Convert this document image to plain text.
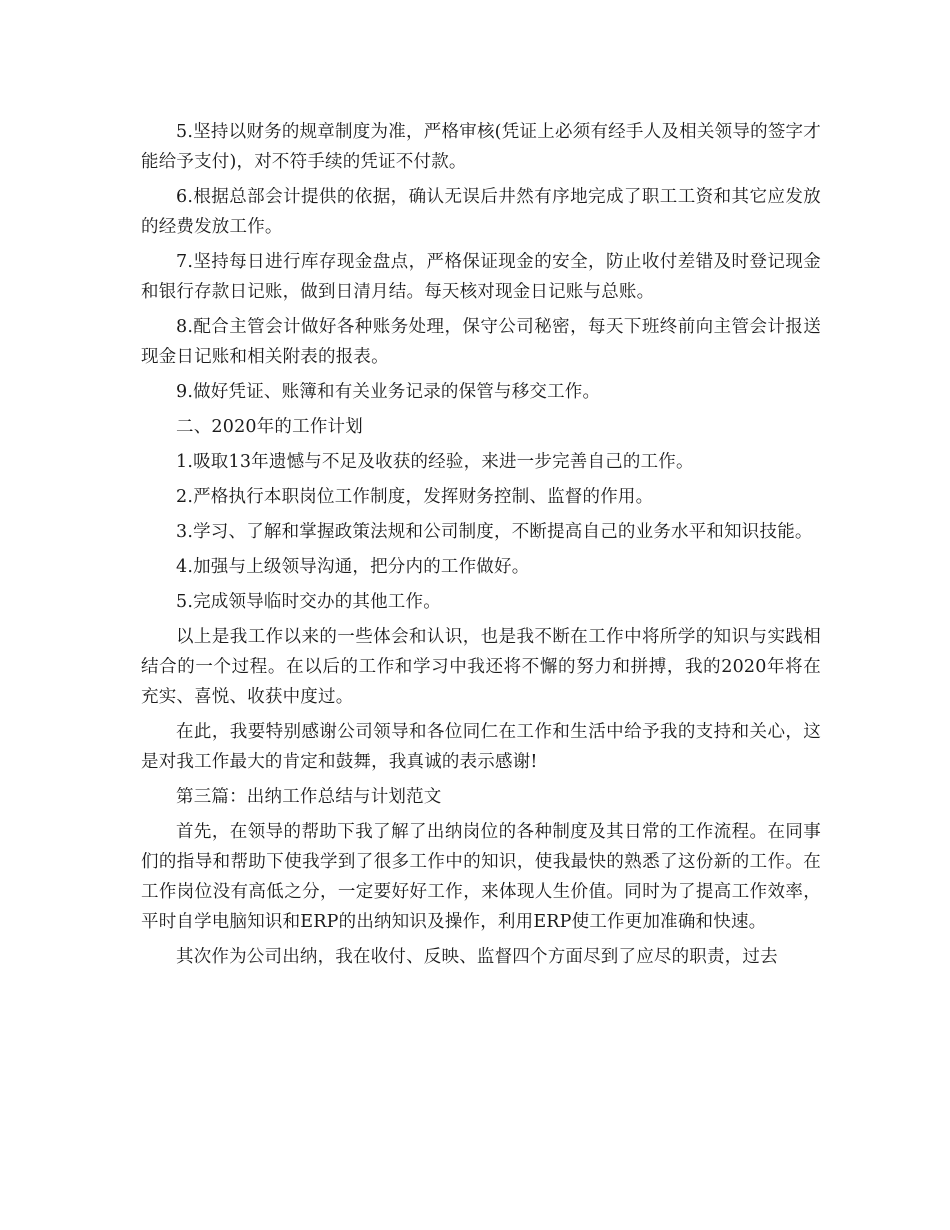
5.坚持以财务的规章制度为准，严格审核(凭证上必须有经手人及相关领导的签字才能给予支付)，对不符手续的凭证不付款。

6.根据总部会计提供的依据，确认无误后井然有序地完成了职工工资和其它应发放的经费发放工作。

7.坚持每日进行库存现金盘点，严格保证现金的安全，防止收付差错及时登记现金和银行存款日记账，做到日清月结。每天核对现金日记账与总账。

8.配合主管会计做好各种账务处理，保守公司秘密，每天下班终前向主管会计报送现金日记账和相关附表的报表。

9.做好凭证、账簿和有关业务记录的保管与移交工作。

二、2020年的工作计划

1.吸取13年遗憾与不足及收获的经验，来进一步完善自己的工作。

2.严格执行本职岗位工作制度，发挥财务控制、监督的作用。

3.学习、了解和掌握政策法规和公司制度，不断提高自己的业务水平和知识技能。

4.加强与上级领导沟通，把分内的工作做好。

5.完成领导临时交办的其他工作。

以上是我工作以来的一些体会和认识，也是我不断在工作中将所学的知识与实践相结合的一个过程。在以后的工作和学习中我还将不懈的努力和拼搏，我的2020年将在充实、喜悦、收获中度过。

在此，我要特别感谢公司领导和各位同仁在工作和生活中给予我的支持和关心，这是对我工作最大的肯定和鼓舞，我真诚的表示感谢!

第三篇：出纳工作总结与计划范文

首先，在领导的帮助下我了解了出纳岗位的各种制度及其日常的工作流程。在同事们的指导和帮助下使我学到了很多工作中的知识，使我最快的熟悉了这份新的工作。在工作岗位没有高低之分，一定要好好工作，来体现人生价值。同时为了提高工作效率，平时自学电脑知识和ERP的出纳知识及操作，利用ERP使工作更加准确和快速。

其次作为公司出纳，我在收付、反映、监督四个方面尽到了应尽的职责，过去
